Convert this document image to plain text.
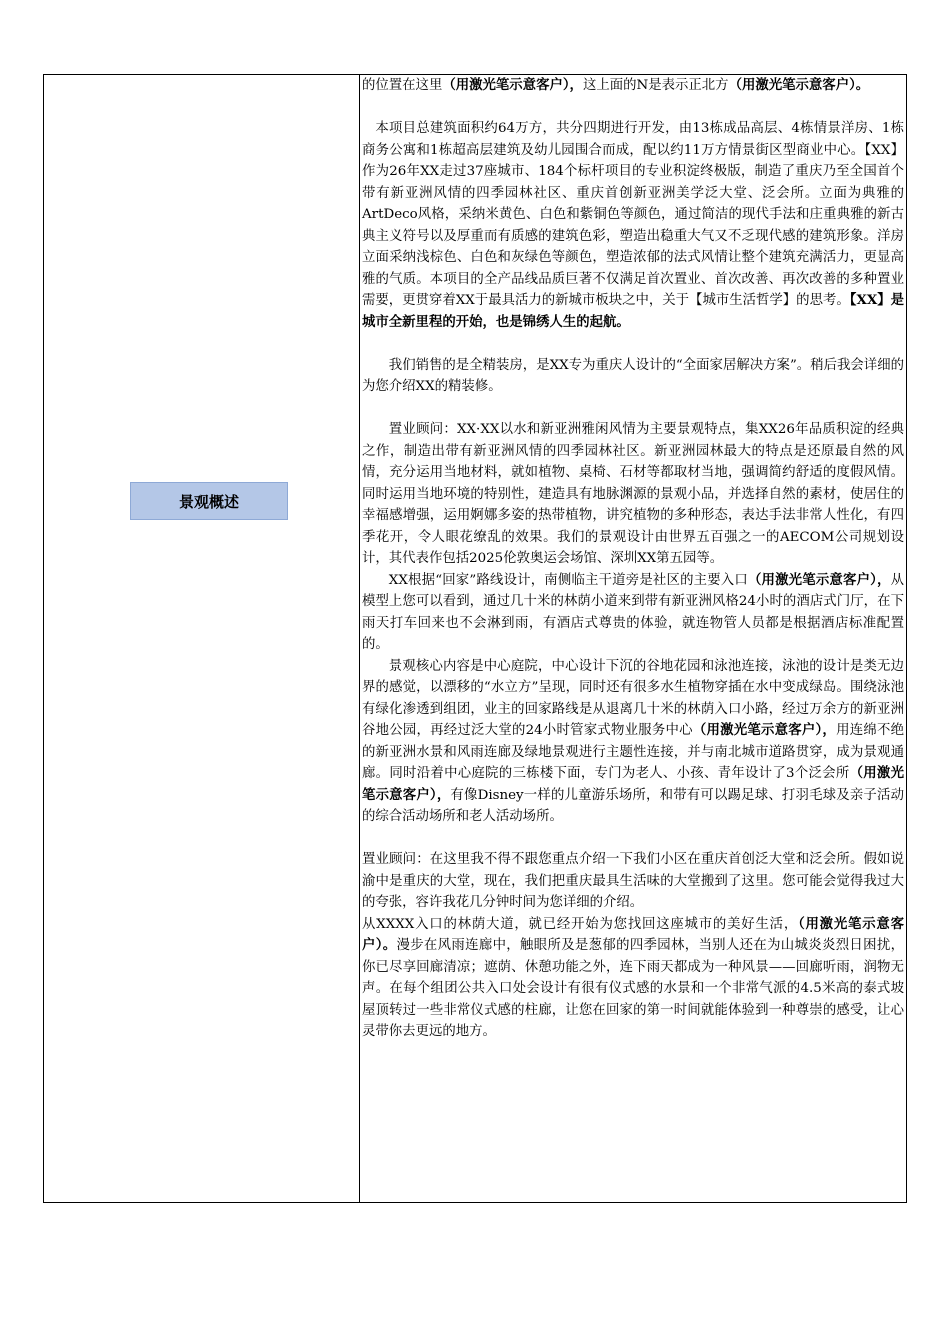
景观概述

的位置在这里（用激光笔示意客户），这上面的N是表示正北方（用激光笔示意客户）。

本项目总建筑面积约64万方，共分四期进行开发，由13栋成品高层、4栋情景洋房、1栋商务公寓和1栋超高层建筑及幼儿园围合而成，配以约11万方情景街区型商业中心。【XX】作为26年XX走过37座城市、184个标杆项目的专业积淀终极版，制造了重庆乃至全国首个带有新亚洲风情的四季园林社区、重庆首创新亚洲美学泛大堂、泛会所。立面为典雅的ArtDeco风格，采纳米黄色、白色和紫铜色等颜色，通过简洁的现代手法和庄重典雅的新古典主义符号以及厚重而有质感的建筑色彩，塑造出稳重大气又不乏现代感的建筑形象。洋房立面采纳浅棕色、白色和灰绿色等颜色，塑造浓郁的法式风情让整个建筑充满活力，更显高雅的气质。本项目的全产品线品质巨著不仅满足首次置业、首次改善、再次改善的多种置业需要，更贯穿着XX于最具活力的新城市板块之中，关于【城市生活哲学】的思考。【XX】是城市全新里程的开始，也是锦绣人生的起航。

我们销售的是全精装房，是XX专为重庆人设计的“全面家居解决方案”。稍后我会详细的为您介绍XX的精装修。

置业顾问：XX·XX以水和新亚洲雅闲风情为主要景观特点，集XX26年品质积淀的经典之作，制造出带有新亚洲风情的四季园林社区。新亚洲园林最大的特点是还原最自然的风情，充分运用当地材料，就如植物、桌椅、石材等都取材当地，强调简约舒适的度假风情。同时运用当地环境的特别性，建造具有地脉渊源的景观小品，并选择自然的素材，使居住的幸福感增强，运用婀娜多姿的热带植物，讲究植物的多种形态，表达手法非常人性化，有四季花开，令人眼花缭乱的效果。我们的景观设计由世界五百强之一的AECOM公司规划设计，其代表作包括2025伦敦奥运会场馆、深圳XX第五园等。

XX根据“回家”路线设计，南侧临主干道旁是社区的主要入口（用激光笔示意客户），从模型上您可以看到，通过几十米的林荫小道来到带有新亚洲风格24小时的酒店式门厅，在下雨天打车回来也不会淋到雨，有酒店式尊贵的体验，就连物管人员都是根据酒店标准配置的。

景观核心内容是中心庭院，中心设计下沉的谷地花园和泳池连接，泳池的设计是类无边界的感觉，以漂移的“水立方”呈现，同时还有很多水生植物穿插在水中变成绿岛。围绕泳池有绿化渗透到组团，业主的回家路线是从退离几十米的林荫入口小路，经过万余方的新亚洲谷地公园，再经过泛大堂的24小时管家式物业服务中心（用激光笔示意客户），用连绵不绝的新亚洲水景和风雨连廊及绿地景观进行主题性连接，并与南北城市道路贯穿，成为景观通廊。同时沿着中心庭院的三栋楼下面，专门为老人、小孩、青年设计了3个泛会所（用激光笔示意客户），有像Disney一样的儿童游乐场所，和带有可以踢足球、打羽毛球及亲子活动的综合活动场所和老人活动场所。

置业顾问：在这里我不得不跟您重点介绍一下我们小区在重庆首创泛大堂和泛会所。假如说渝中是重庆的大堂，现在，我们把重庆最具生活味的大堂搬到了这里。您可能会觉得我过大的夸张，容许我花几分钟时间为您详细的介绍。

从XXXX入口的林荫大道，就已经开始为您找回这座城市的美好生活，（用激光笔示意客户）。漫步在风雨连廊中，触眼所及是葱郁的四季园林，当别人还在为山城炎炎烈日困扰，你已尽享回廊清凉；遮荫、休憩功能之外，连下雨天都成为一种风景——回廊听雨，润物无声。在每个组团公共入口处会设计有很有仪式感的水景和一个非常气派的4.5米高的泰式坡屋顶转过一些非常仪式感的柱廊，让您在回家的第一时间就能体验到一种尊崇的感受，让心灵带你去更远的地方。
